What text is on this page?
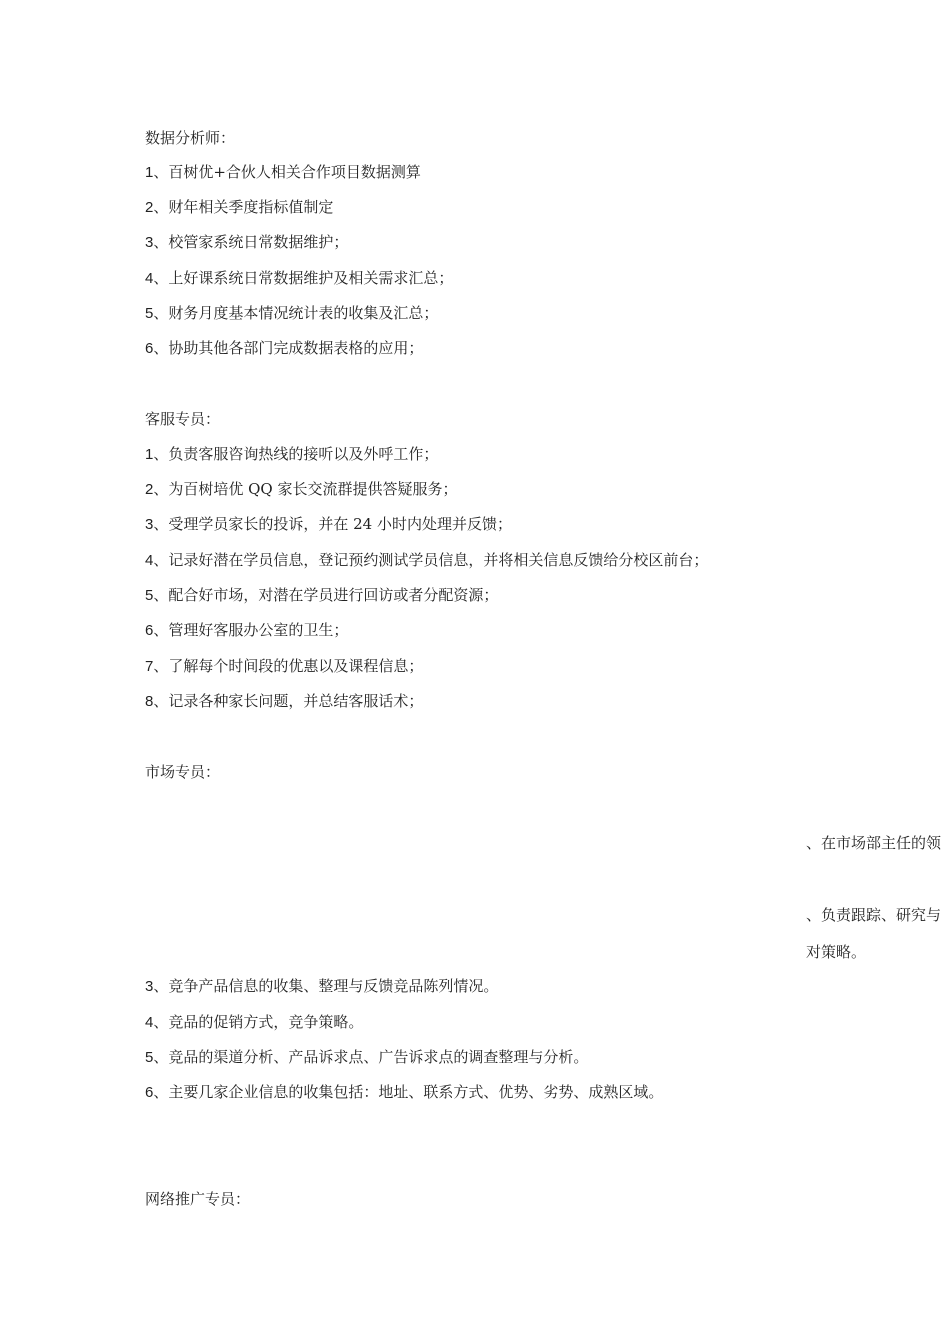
数据分析师：

1、百树优+合伙人相关合作项目数据测算

2、财年相关季度指标值制定

3、校管家系统日常数据维护；

4、上好课系统日常数据维护及相关需求汇总；

5、财务月度基本情况统计表的收集及汇总；

6、协助其他各部门完成数据表格的应用；

客服专员：

1、负责客服咨询热线的接听以及外呼工作；

2、为百树培优 QQ 家长交流群提供答疑服务；

3、受理学员家长的投诉，并在 24 小时内处理并反馈；

4、记录好潜在学员信息，登记预约测试学员信息，并将相关信息反馈给分校区前台；

5、配合好市场，对潜在学员进行回访或者分配资源；

6、管理好客服办公室的卫生；

7、了解每个时间段的优惠以及课程信息；

8、记录各种家长问题，并总结客服话术；

市场专员：

、在市场部主任的领

、负责跟踪、研究与

对策略。

3、竞争产品信息的收集、整理与反馈竞品陈列情况。

4、竞品的促销方式，竞争策略。

5、竞品的渠道分析、产品诉求点、广告诉求点的调查整理与分析。

6、主要几家企业信息的收集包括：地址、联系方式、优势、劣势、成熟区域。

网络推广专员：
